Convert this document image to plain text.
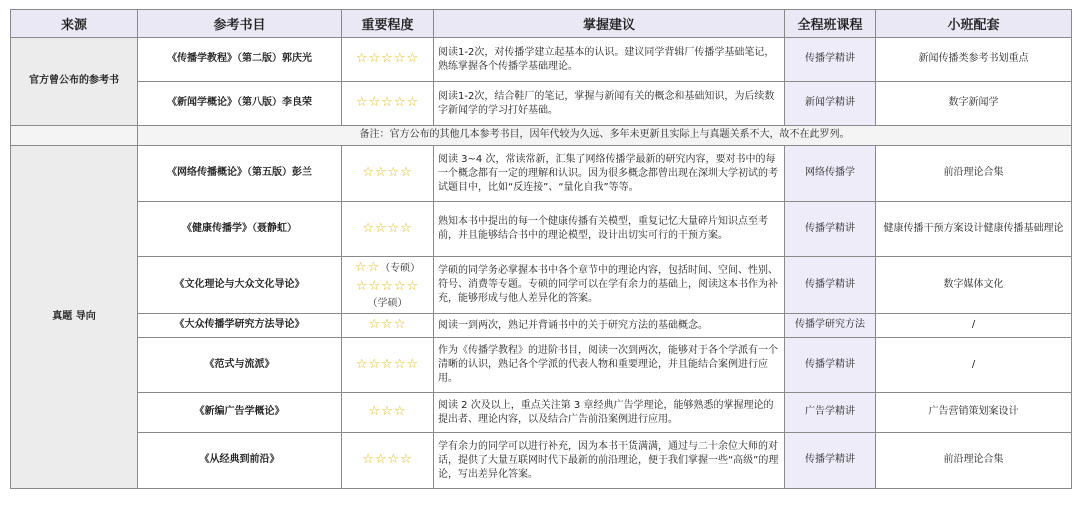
来源	参考书目	重要程度	掌握建议	全程班课程	小班配套
官方曾公布的参考书	《传播学教程》（第二版）郭庆光	☆☆☆☆☆	阅读1-2次，对传播学建立起基本的认识。建议同学背辑厂传播学基础笔记，熟练掌握各个传播学基础理论。	传播学精讲	新闻传播类参考书划重点
	《新闻学概论》（第八版）李良荣	☆☆☆☆☆	阅读1-2次，结合鞋厂的笔记，掌握与新闻有关的概念和基础知识，为后续数字新闻学的学习打好基础。	新闻学精讲	数字新闻学
	备注：官方公布的其他几本参考书目，因年代较为久远、多年未更新且实际上与真题关系不大，故不在此罗列。				
真题 导向	《网络传播概论》（第五版）彭兰	☆☆☆☆	阅读 3~4 次，常读常新，汇集了网络传播学最新的研究内容，要对书中的每一个概念都有一定的理解和认识。因为很多概念都曾出现在深圳大学初试的考试题目中，比如“反连接”、“量化自我”等等。	网络传播学	前沿理论合集
	《健康传播学》（聂静虹）	☆☆☆☆	熟知本书中提出的每一个健康传播有关模型，重复记忆大量碎片知识点至考前，并且能够结合书中的理论模型，设计出切实可行的干预方案。	传播学精讲	健康传播干预方案设计健康传播基础理论
	《文化理论与大众文化导论》	☆☆（专硕）
☆☆☆☆☆
（学硕）	学硕的同学务必掌握本书中各个章节中的理论内容，包括时间、空间、性别、符号、消费等专题。专硕的同学可以在学有余力的基础上，阅读这本书作为补充，能够形成与他人差异化的答案。	传播学精讲	数字媒体文化
	《大众传播学研究方法导论》	☆☆☆	阅读一到两次，熟记并背诵书中的关于研究方法的基础概念。	传播学研究方法	/
	《范式与流派》	☆☆☆☆☆	作为《传播学教程》的进阶书目，阅读一次到两次，能够对于各个学派有一个清晰的认识，熟记各个学派的代表人物和重要理论，并且能结合案例进行应用。	传播学精讲	/
	《新编广告学概论》	☆☆☆	阅读 2 次及以上，重点关注第 3 章经典广告学理论，能够熟悉的掌握理论的提出者、理论内容，以及结合广告前沿案例进行应用。	广告学精讲	广告营销策划案设计
	《从经典到前沿》	☆☆☆☆	学有余力的同学可以进行补充，因为本书干货满满，通过与二十余位大师的对话，提供了大量互联网时代下最新的前沿理论，便于我们掌握一些“高级”的理论，写出差异化答案。	传播学精讲	前沿理论合集
